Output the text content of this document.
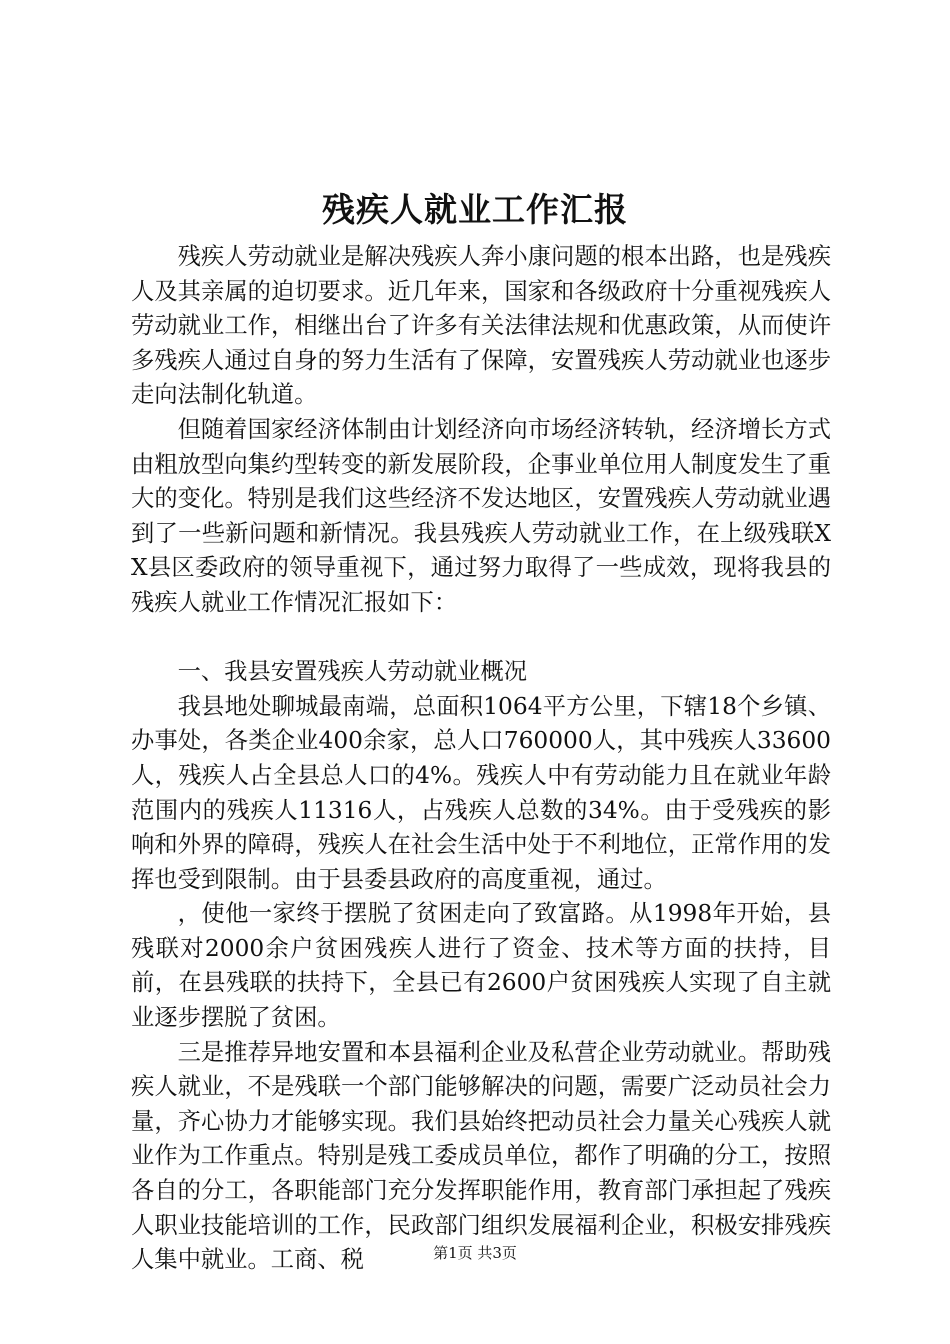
残疾人就业工作汇报

残疾人劳动就业是解决残疾人奔小康问题的根本出路，也是残疾人及其亲属的迫切要求。近几年来，国家和各级政府十分重视残疾人劳动就业工作，相继出台了许多有关法律法规和优惠政策，从而使许多残疾人通过自身的努力生活有了保障，安置残疾人劳动就业也逐步走向法制化轨道。

但随着国家经济体制由计划经济向市场经济转轨，经济增长方式由粗放型向集约型转变的新发展阶段，企事业单位用人制度发生了重大的变化。特别是我们这些经济不发达地区，安置残疾人劳动就业遇到了一些新问题和新情况。我县残疾人劳动就业工作，在上级残联XX县区委政府的领导重视下，通过努力取得了一些成效，现将我县的残疾人就业工作情况汇报如下：

一、我县安置残疾人劳动就业概况

我县地处聊城最南端，总面积1064平方公里，下辖18个乡镇、办事处，各类企业400余家，总人口760000人，其中残疾人33600人，残疾人占全县总人口的4%。残疾人中有劳动能力且在就业年龄范围内的残疾人11316人，占残疾人总数的34%。由于受残疾的影响和外界的障碍，残疾人在社会生活中处于不利地位，正常作用的发挥也受到限制。由于县委县政府的高度重视，通过。

，使他一家终于摆脱了贫困走向了致富路。从1998年开始，县残联对2000余户贫困残疾人进行了资金、技术等方面的扶持，目前，在县残联的扶持下，全县已有2600户贫困残疾人实现了自主就业逐步摆脱了贫困。

三是推荐异地安置和本县福利企业及私营企业劳动就业。帮助残疾人就业，不是残联一个部门能够解决的问题，需要广泛动员社会力量，齐心协力才能够实现。我们县始终把动员社会力量关心残疾人就业作为工作重点。特别是残工委成员单位，都作了明确的分工，按照各自的分工，各职能部门充分发挥职能作用，教育部门承担起了残疾人职业技能培训的工作，民政部门组织发展福利企业，积极安排残疾人集中就业。工商、税	第1页 共3页
